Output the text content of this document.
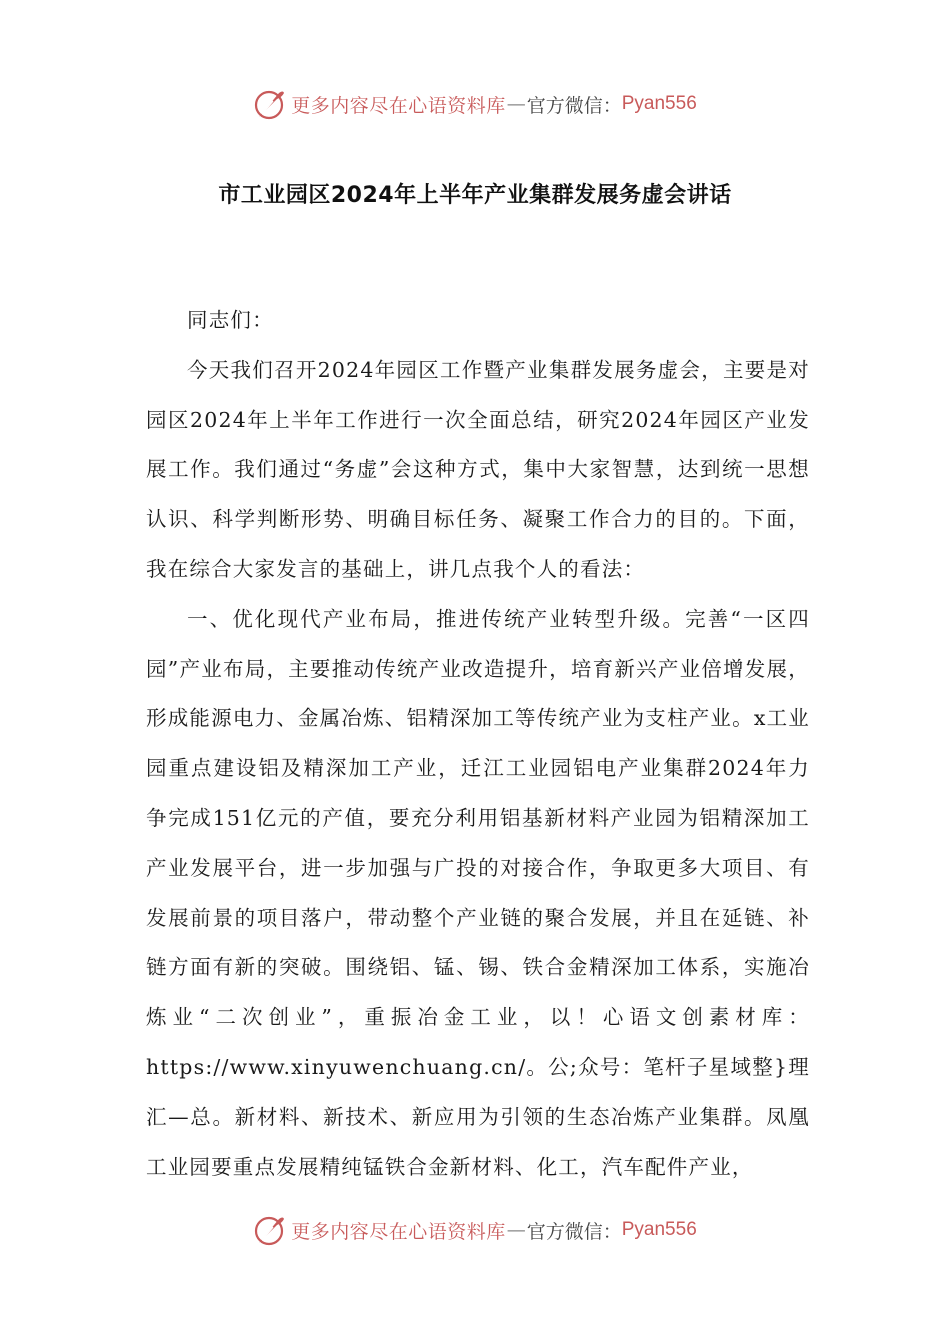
更多内容尽在心语资料库 — 官方微信： Pyan556
市工业园区2024年上半年产业集群发展务虚会讲话

同志们：

今天我们召开2024年园区工作暨产业集群发展务虚会，主要是对园区2024年上半年工作进行一次全面总结，研究2024年园区产业发展工作。我们通过“务虚”会这种方式，集中大家智慧，达到统一思想认识、科学判断形势、明确目标任务、凝聚工作合力的目的。下面，我在综合大家发言的基础上，讲几点我个人的看法：

一、优化现代产业布局，推进传统产业转型升级。完善“一区四园”产业布局，主要推动传统产业改造提升，培育新兴产业倍增发展，形成能源电力、金属冶炼、铝精深加工等传统产业为支柱产业。x工业园重点建设铝及精深加工产业，迁江工业园铝电产业集群2024年力争完成151亿元的产值，要充分利用铝基新材料产业园为铝精深加工产业发展平台，进一步加强与广投的对接合作，争取更多大项目、有发展前景的项目落户，带动整个产业链的聚合发展，并且在延链、补链方面有新的突破。围绕铝、锰、锡、铁合金精深加工体系，实施冶炼业“二次创业”，重振冶金工业，以！心语文创素材库：https://www.xinyuwenchuang.cn/。公;众号：笔杆子星域整}理汇—总。新材料、新技术、新应用为引领的生态冶炼产业集群。凤凰工业园要重点发展精纯锰铁合金新材料、化工，汽车配件产业，

更多内容尽在心语资料库 — 官方微信： Pyan556
